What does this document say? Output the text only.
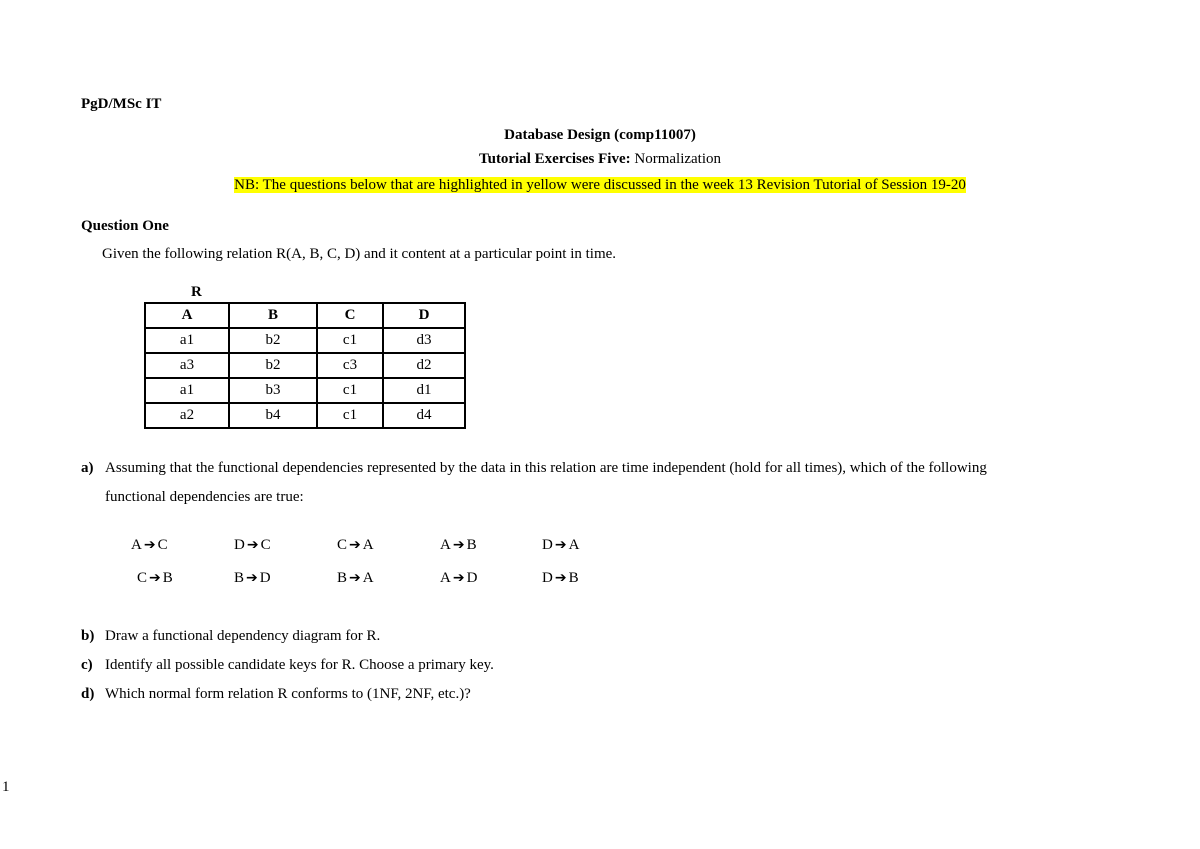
PgD/MSc IT
Database Design (comp11007)
Tutorial Exercises Five: Normalization
NB: The questions below that are highlighted in yellow were discussed in the week 13 Revision Tutorial of Session 19-20
Question One
Given the following relation R(A, B, C, D) and it content at a particular point in time.
R
A	B	C	D
a1	b2	c1	d3
a3	b2	c3	d2
a1	b3	c1	d1
a2	b4	c1	d4
a) Assuming that the functional dependencies represented by the data in this relation are time independent (hold for all times), which of the following
functional dependencies are true:
A ➔ C	D ➔ C	C ➔ A	A ➔ B	D ➔ A
C ➔ B	B ➔ D	B ➔ A	A ➔ D	D ➔ B
b) Draw a functional dependency diagram for R.
c) Identify all possible candidate keys for R. Choose a primary key.
d) Which normal form relation R conforms to (1NF, 2NF, etc.)?
1
